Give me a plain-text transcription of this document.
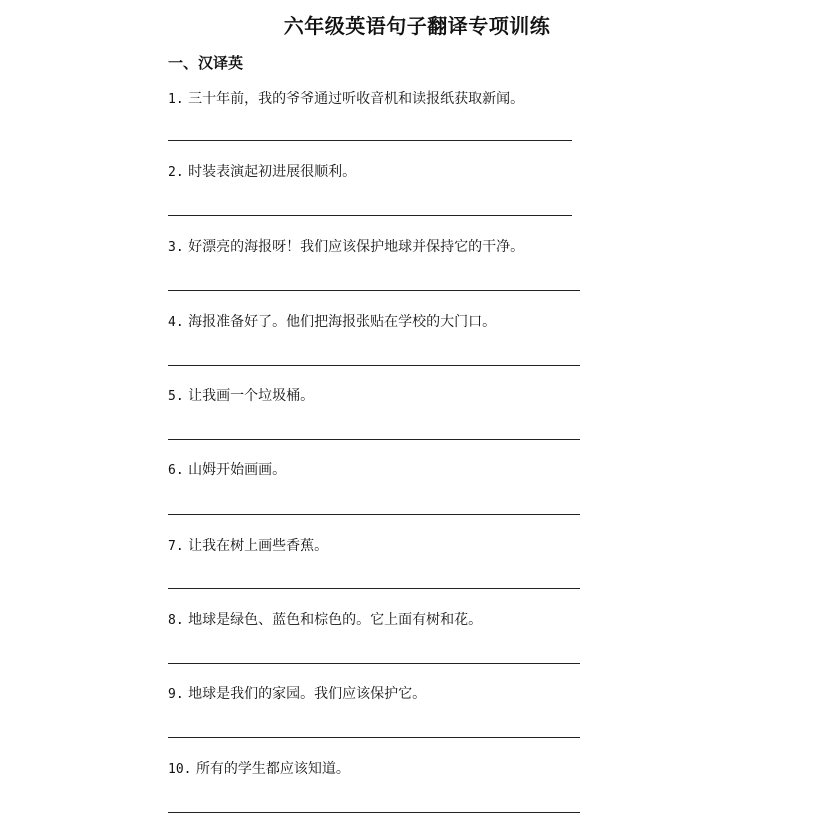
六年级英语句子翻译专项训练
一、汉译英
1. 三十年前，我的爷爷通过听收音机和读报纸获取新闻。
2. 时装表演起初进展很顺利。
3. 好漂亮的海报呀！我们应该保护地球并保持它的干净。
4. 海报准备好了。他们把海报张贴在学校的大门口。
5. 让我画一个垃圾桶。
6. 山姆开始画画。
7. 让我在树上画些香蕉。
8. 地球是绿色、蓝色和棕色的。它上面有树和花。
9. 地球是我们的家园。我们应该保护它。
10. 所有的学生都应该知道。
